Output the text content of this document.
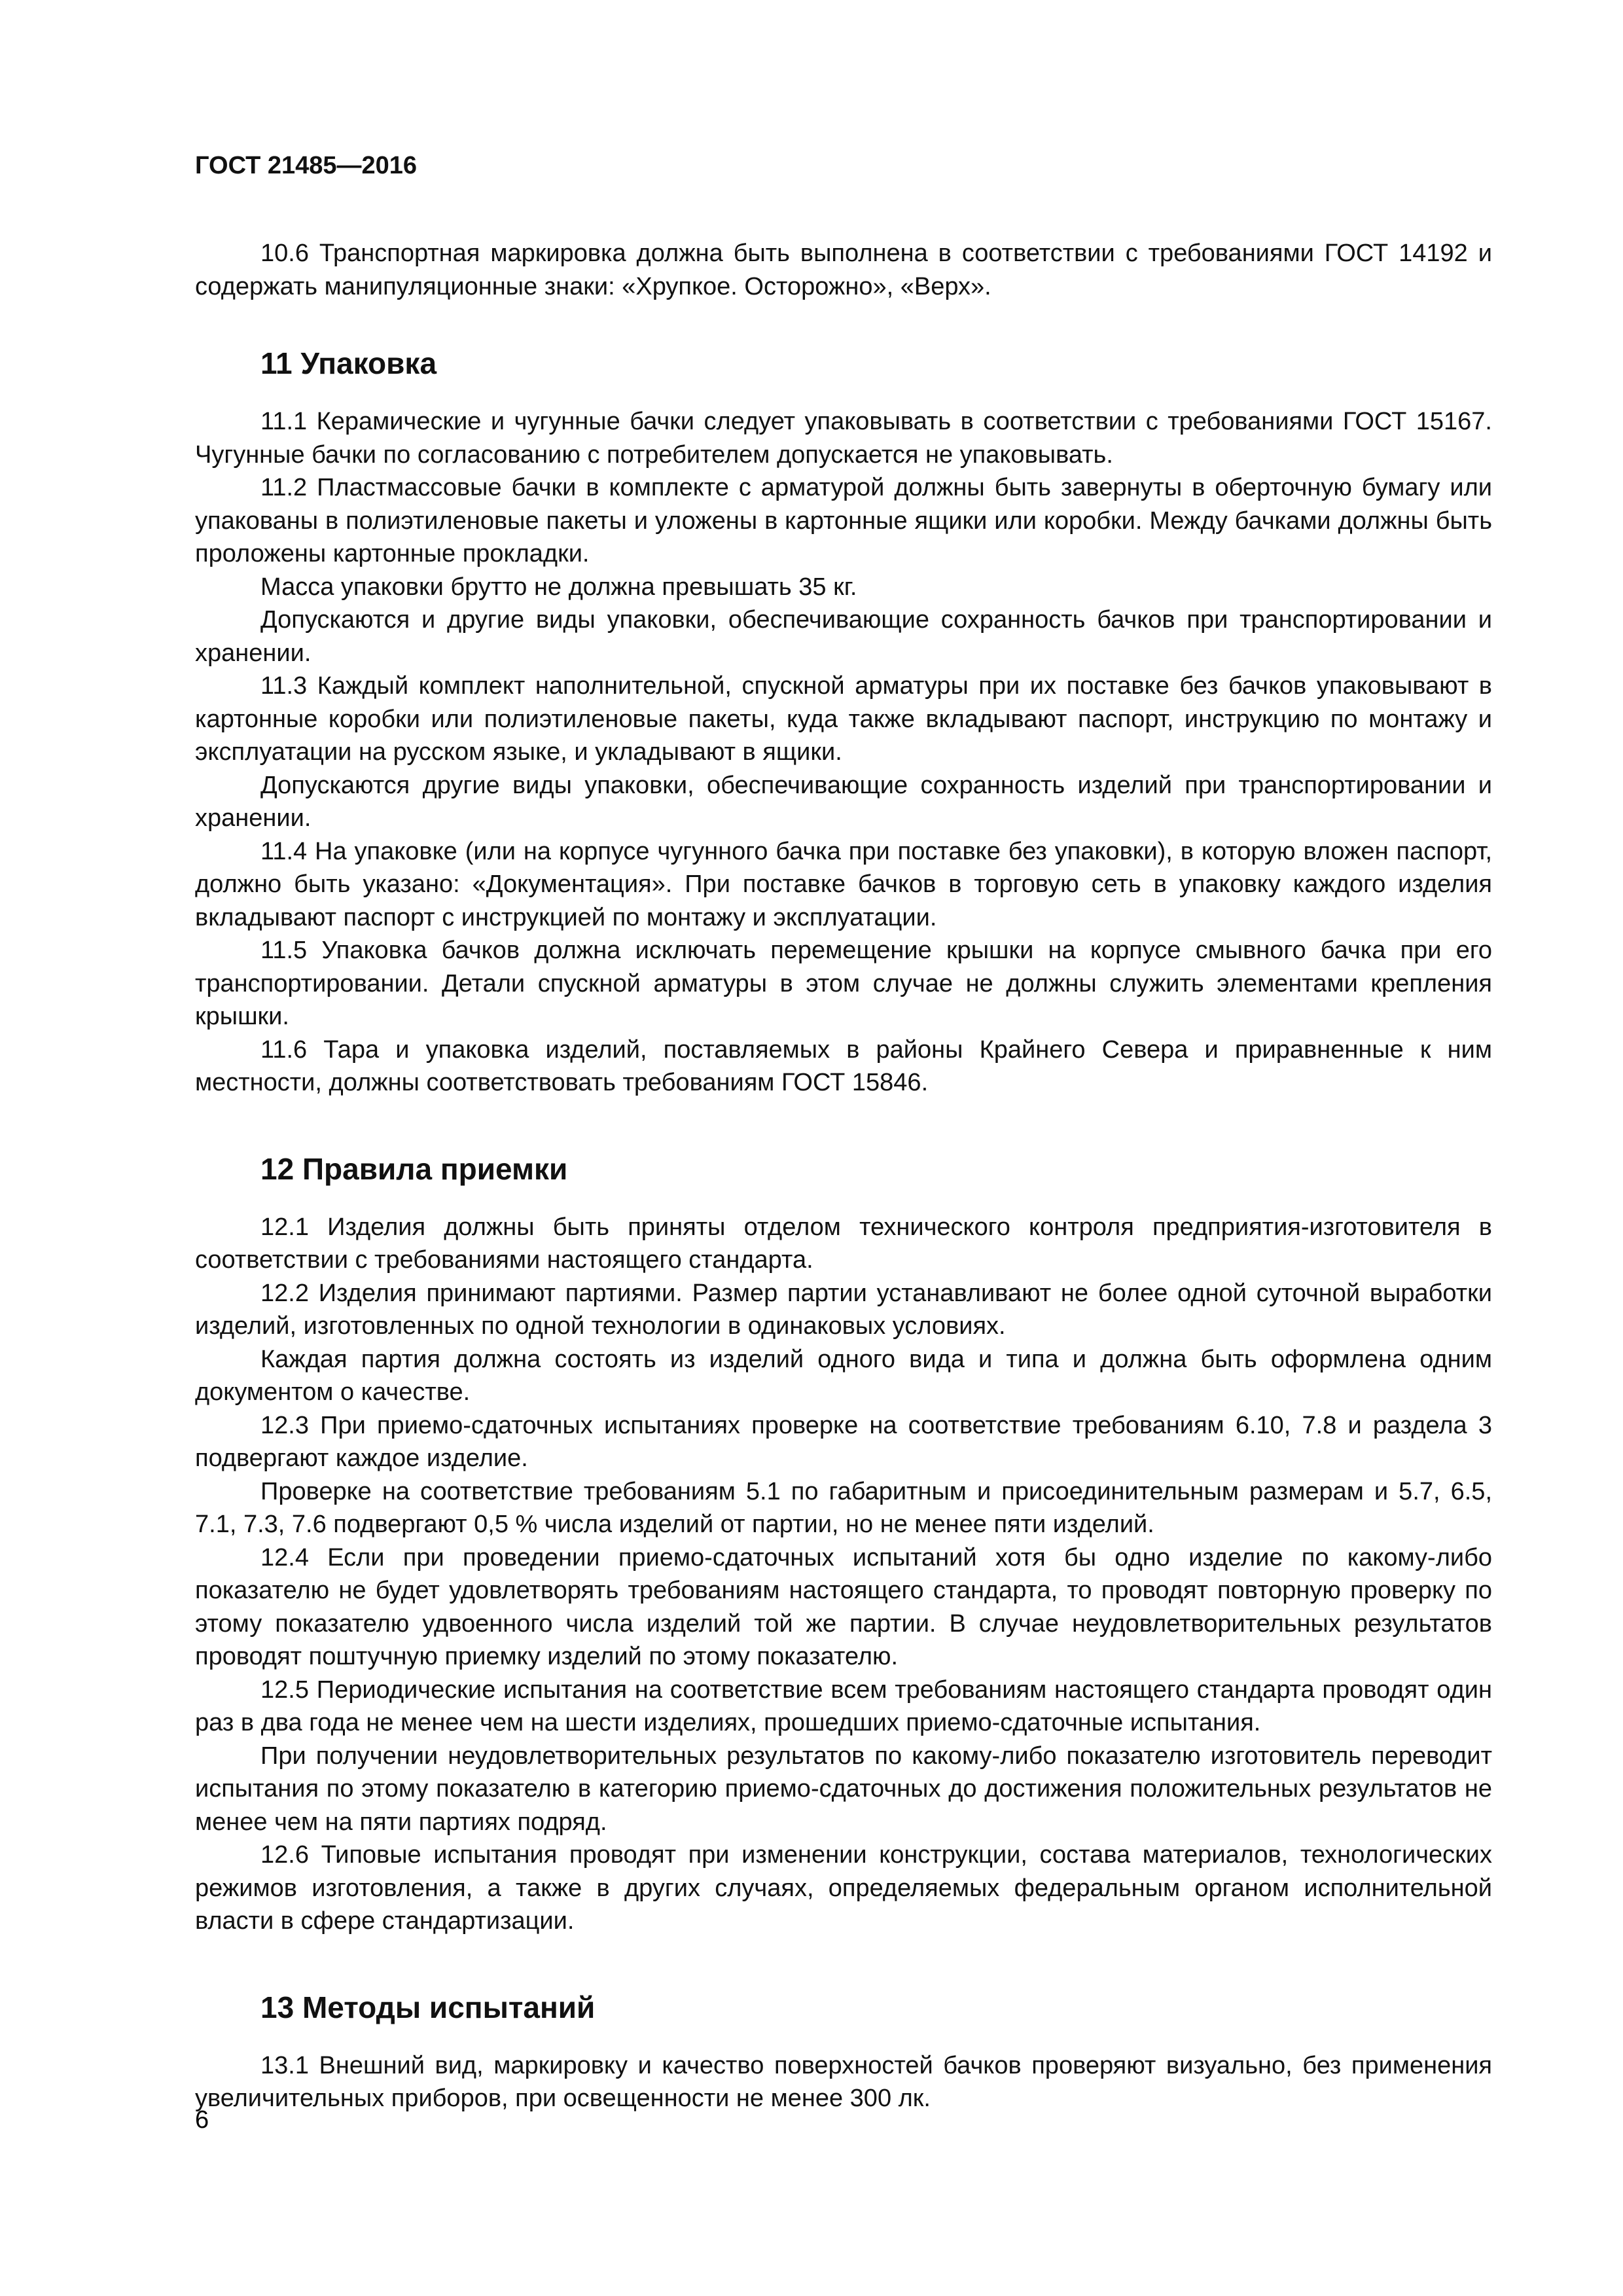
ГОСТ 21485—2016

10.6 Транспортная маркировка должна быть выполнена в соответствии с требованиями ГОСТ 14192 и содержать манипуляционные знаки: «Хрупкое. Осторожно», «Верх».

11 Упаковка

11.1 Керамические и чугунные бачки следует упаковывать в соответствии с требованиями ГОСТ 15167. Чугунные бачки по согласованию с потребителем допускается не упаковывать.

11.2 Пластмассовые бачки в комплекте с арматурой должны быть завернуты в оберточную бумагу или упакованы в полиэтиленовые пакеты и уложены в картонные ящики или коробки. Между бачками должны быть проложены картонные прокладки.

Масса упаковки брутто не должна превышать 35 кг.

Допускаются и другие виды упаковки, обеспечивающие сохранность бачков при транспортировании и хранении.

11.3 Каждый комплект наполнительной, спускной арматуры при их поставке без бачков упаковывают в картонные коробки или полиэтиленовые пакеты, куда также вкладывают паспорт, инструкцию по монтажу и эксплуатации на русском языке, и укладывают в ящики.

Допускаются другие виды упаковки, обеспечивающие сохранность изделий при транспортировании и хранении.

11.4 На упаковке (или на корпусе чугунного бачка при поставке без упаковки), в которую вложен паспорт, должно быть указано: «Документация». При поставке бачков в торговую сеть в упаковку каждого изделия вкладывают паспорт с инструкцией по монтажу и эксплуатации.

11.5 Упаковка бачков должна исключать перемещение крышки на корпусе смывного бачка при его транспортировании. Детали спускной арматуры в этом случае не должны служить элементами крепления крышки.

11.6 Тара и упаковка изделий, поставляемых в районы Крайнего Севера и приравненные к ним местности, должны соответствовать требованиям ГОСТ 15846.

12 Правила приемки

12.1 Изделия должны быть приняты отделом технического контроля предприятия-изготовителя в соответствии с требованиями настоящего стандарта.

12.2 Изделия принимают партиями. Размер партии устанавливают не более одной суточной выработки изделий, изготовленных по одной технологии в одинаковых условиях.

Каждая партия должна состоять из изделий одного вида и типа и должна быть оформлена одним документом о качестве.

12.3 При приемо-сдаточных испытаниях проверке на соответствие требованиям 6.10, 7.8 и раздела 3 подвергают каждое изделие.

Проверке на соответствие требованиям 5.1 по габаритным и присоединительным размерам и 5.7, 6.5, 7.1, 7.3, 7.6 подвергают 0,5 % числа изделий от партии, но не менее пяти изделий.

12.4 Если при проведении приемо-сдаточных испытаний хотя бы одно изделие по какому-либо показателю не будет удовлетворять требованиям настоящего стандарта, то проводят повторную проверку по этому показателю удвоенного числа изделий той же партии. В случае неудовлетворительных результатов проводят поштучную приемку изделий по этому показателю.

12.5 Периодические испытания на соответствие всем требованиям настоящего стандарта проводят один раз в два года не менее чем на шести изделиях, прошедших приемо-сдаточные испытания.

При получении неудовлетворительных результатов по какому-либо показателю изготовитель переводит испытания по этому показателю в категорию приемо-сдаточных до достижения положительных результатов не менее чем на пяти партиях подряд.

12.6 Типовые испытания проводят при изменении конструкции, состава материалов, технологических режимов изготовления, а также в других случаях, определяемых федеральным органом исполнительной власти в сфере стандартизации.

13 Методы испытаний

13.1 Внешний вид, маркировку и качество поверхностей бачков проверяют визуально, без применения увеличительных приборов, при освещенности не менее 300 лк.

6
